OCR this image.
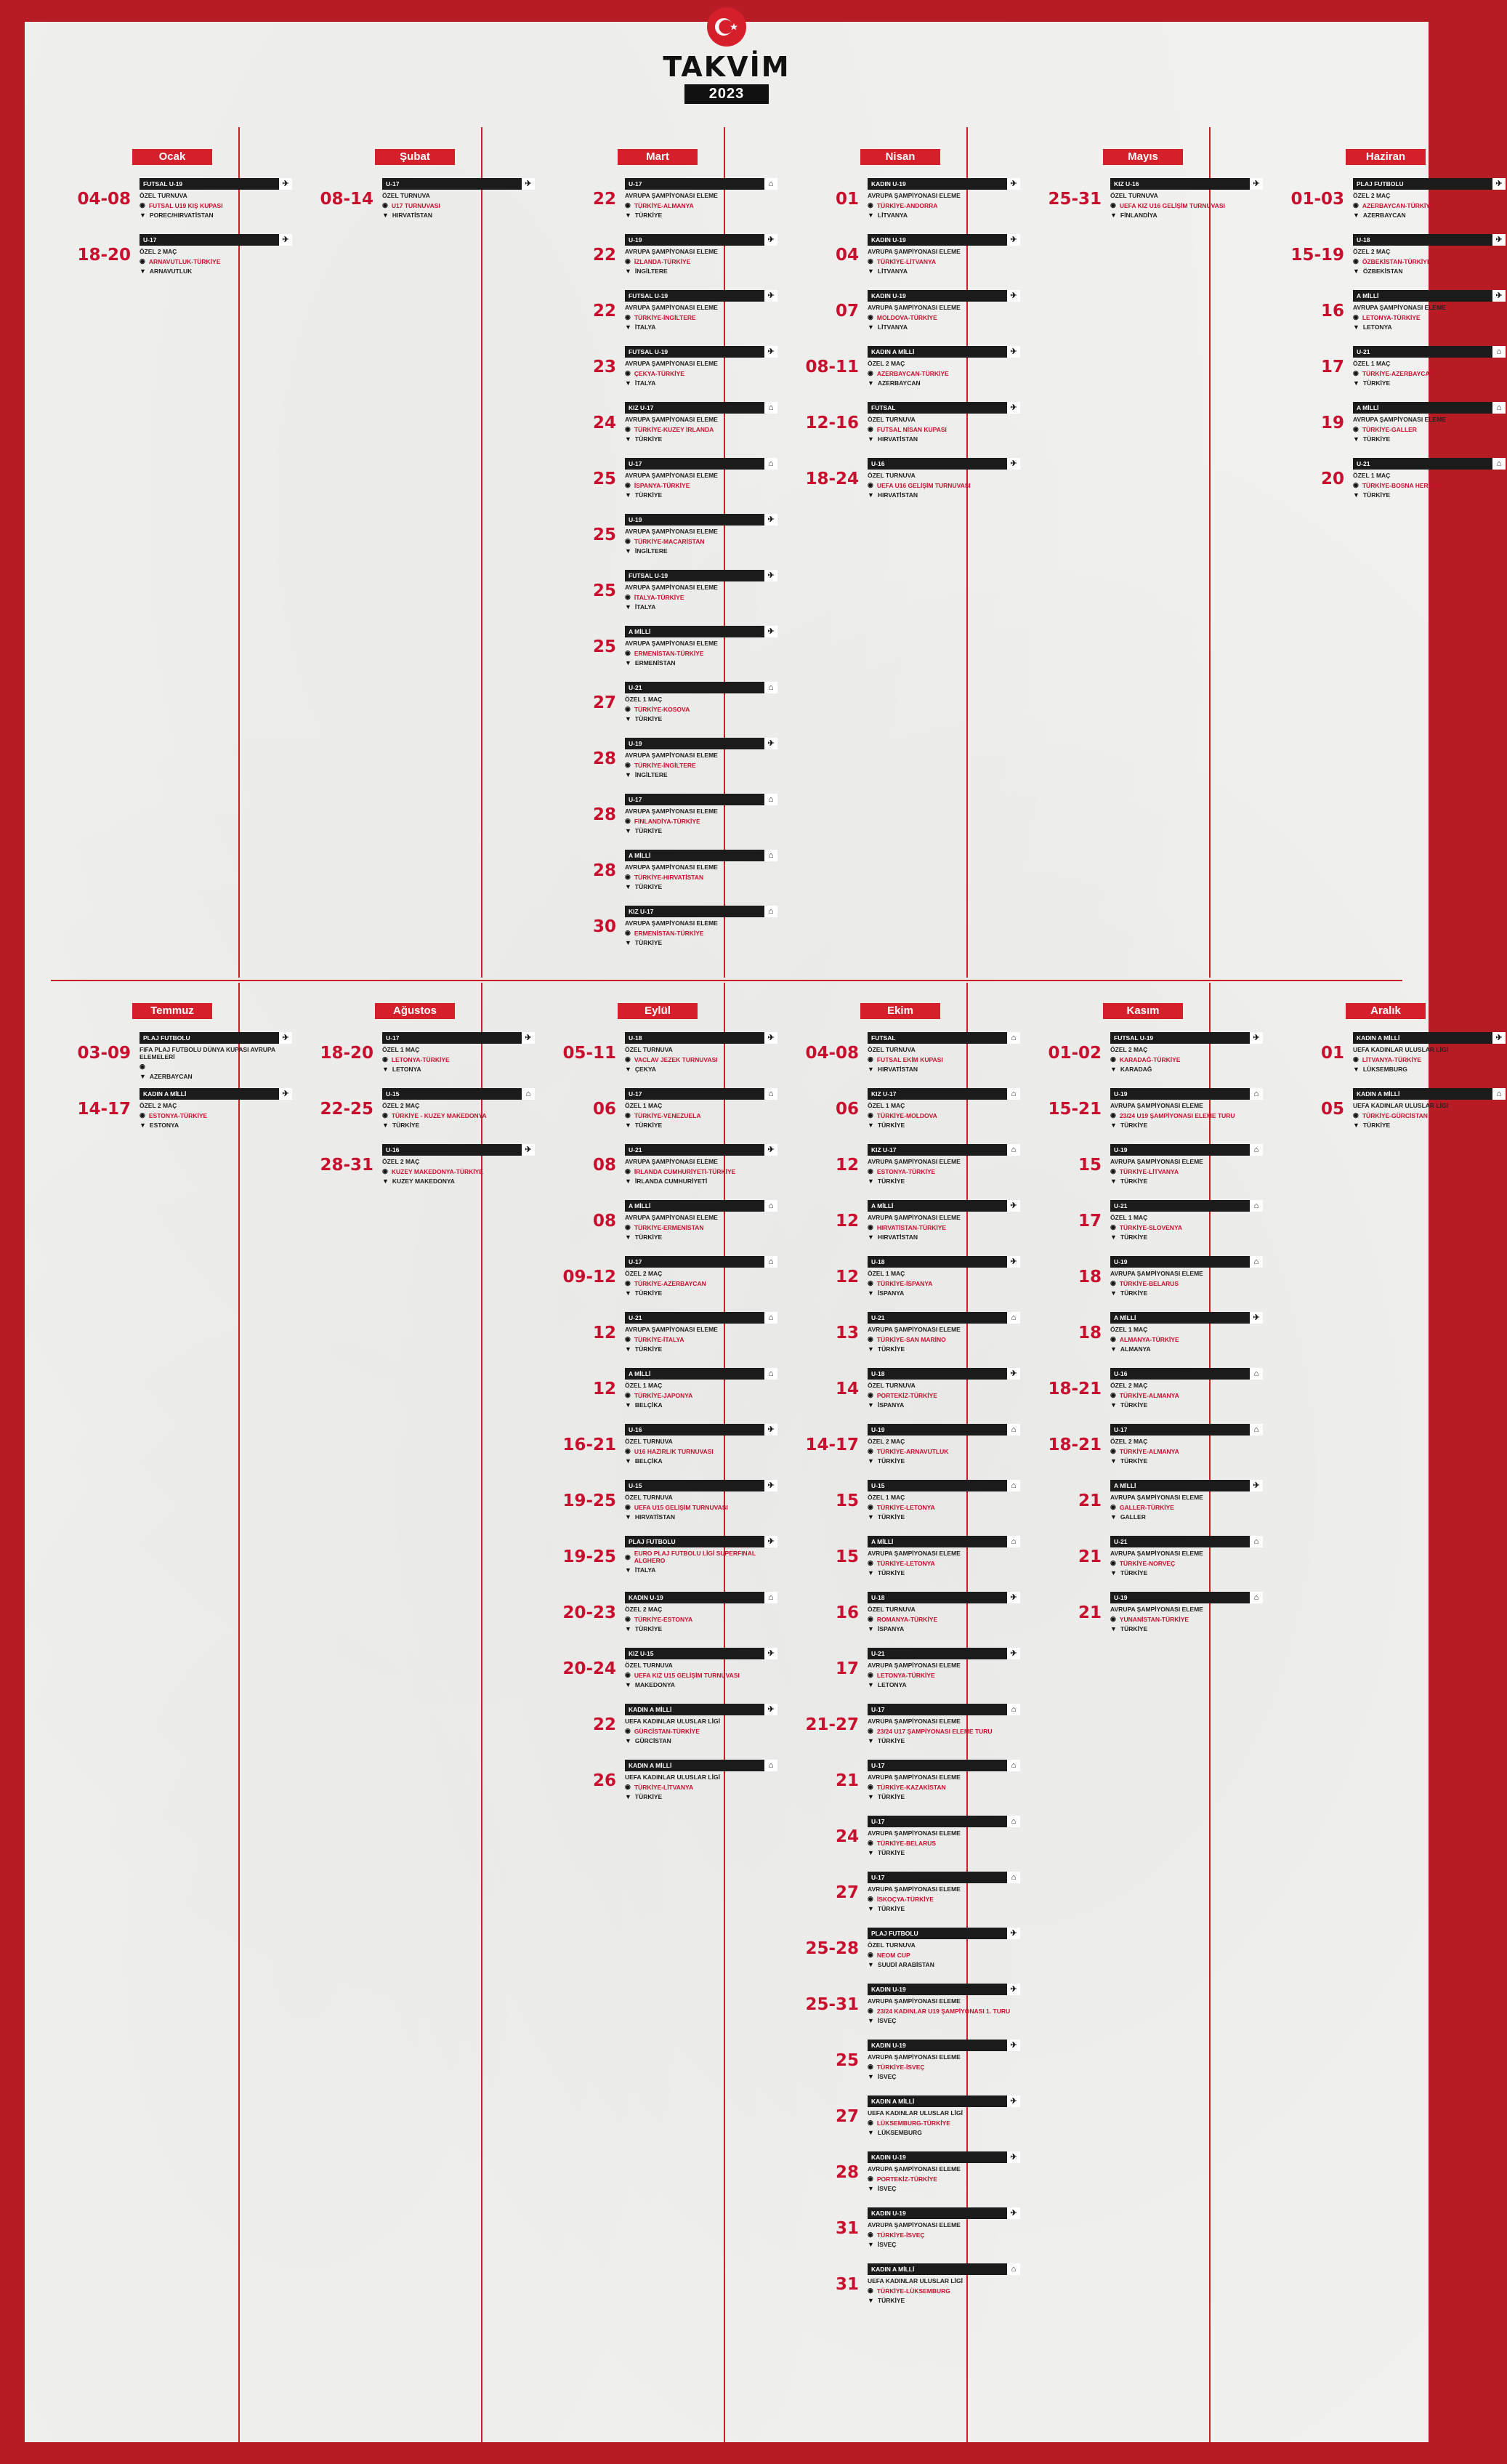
TAKVİM
2023
Ocak
04-08
FUTSAL U-19	✈
ÖZEL TURNUVA
◉ FUTSAL U19 KIŞ KUPASI
▼ POREC/HIRVATİSTAN
18-20
U-17	✈
ÖZEL 2 MAÇ
◉ ARNAVUTLUK-TÜRKİYE
▼ ARNAVUTLUK
Şubat
08-14
U-17	✈
ÖZEL TURNUVA
◉ U17 TURNUVASI
▼ HIRVATİSTAN
Mart
22
U-17	⌂
AVRUPA ŞAMPİYONASI ELEME
◉ TÜRKİYE-ALMANYA
▼ TÜRKİYE
22
U-19	✈
AVRUPA ŞAMPİYONASI ELEME
◉ İZLANDA-TÜRKİYE
▼ İNGİLTERE
22
FUTSAL U-19	✈
AVRUPA ŞAMPİYONASI ELEME
◉ TÜRKİYE-İNGİLTERE
▼ İTALYA
23
FUTSAL U-19	✈
AVRUPA ŞAMPİYONASI ELEME
◉ ÇEKYA-TÜRKİYE
▼ İTALYA
24
KIZ U-17	⌂
AVRUPA ŞAMPİYONASI ELEME
◉ TÜRKİYE-KUZEY İRLANDA
▼ TÜRKİYE
25
U-17	⌂
AVRUPA ŞAMPİYONASI ELEME
◉ İSPANYA-TÜRKİYE
▼ TÜRKİYE
25
U-19	✈
AVRUPA ŞAMPİYONASI ELEME
◉ TÜRKİYE-MACARİSTAN
▼ İNGİLTERE
25
FUTSAL U-19	✈
AVRUPA ŞAMPİYONASI ELEME
◉ İTALYA-TÜRKİYE
▼ İTALYA
25
A MİLLİ	✈
AVRUPA ŞAMPİYONASI ELEME
◉ ERMENİSTAN-TÜRKİYE
▼ ERMENİSTAN
27
U-21	⌂
ÖZEL 1 MAÇ
◉ TÜRKİYE-KOSOVA
▼ TÜRKİYE
28
U-19	✈
AVRUPA ŞAMPİYONASI ELEME
◉ TÜRKİYE-İNGİLTERE
▼ İNGİLTERE
28
U-17	⌂
AVRUPA ŞAMPİYONASI ELEME
◉ FİNLANDİYA-TÜRKİYE
▼ TÜRKİYE
28
A MİLLİ	⌂
AVRUPA ŞAMPİYONASI ELEME
◉ TÜRKİYE-HIRVATİSTAN
▼ TÜRKİYE
30
KIZ U-17	⌂
AVRUPA ŞAMPİYONASI ELEME
◉ ERMENİSTAN-TÜRKİYE
▼ TÜRKİYE
Nisan
01
KADIN U-19	✈
AVRUPA ŞAMPİYONASI ELEME
◉ TÜRKİYE-ANDORRA
▼ LİTVANYA
04
KADIN U-19	✈
AVRUPA ŞAMPİYONASI ELEME
◉ TÜRKİYE-LİTVANYA
▼ LİTVANYA
07
KADIN U-19	✈
AVRUPA ŞAMPİYONASI ELEME
◉ MOLDOVA-TÜRKİYE
▼ LİTVANYA
08-11
KADIN A MİLLİ	✈
ÖZEL 2 MAÇ
◉ AZERBAYCAN-TÜRKİYE
▼ AZERBAYCAN
12-16
FUTSAL	✈
ÖZEL TURNUVA
◉ FUTSAL NİSAN KUPASI
▼ HIRVATİSTAN
18-24
U-16	✈
ÖZEL TURNUVA
◉ UEFA U16 GELİŞİM TURNUVASI
▼ HIRVATİSTAN
Mayıs
25-31
KIZ U-16	✈
ÖZEL TURNUVA
◉ UEFA KIZ U16 GELİŞİM TURNUVASI
▼ FİNLANDİYA
Haziran
01-03
PLAJ FUTBOLU	✈
ÖZEL 2 MAÇ
◉ AZERBAYCAN-TÜRKİYE
▼ AZERBAYCAN
15-19
U-18	✈
ÖZEL 2 MAÇ
◉ ÖZBEKİSTAN-TÜRKİYE
▼ ÖZBEKİSTAN
16
A MİLLİ	✈
AVRUPA ŞAMPİYONASI ELEME
◉ LETONYA-TÜRKİYE
▼ LETONYA
17
U-21	⌂
ÖZEL 1 MAÇ
◉ TÜRKİYE-AZERBAYCAN
▼ TÜRKİYE
19
A MİLLİ	⌂
AVRUPA ŞAMPİYONASI ELEME
◉ TÜRKİYE-GALLER
▼ TÜRKİYE
20
U-21	⌂
ÖZEL 1 MAÇ
◉ TÜRKİYE-BOSNA HERSEK
▼ TÜRKİYE
Temmuz
03-09
PLAJ FUTBOLU	✈
FIFA PLAJ FUTBOLU DÜNYA KUPASI AVRUPA ELEMELERİ
◉
▼ AZERBAYCAN
14-17
KADIN A MİLLİ	✈
ÖZEL 2 MAÇ
◉ ESTONYA-TÜRKİYE
▼ ESTONYA
Ağustos
18-20
U-17	✈
ÖZEL 1 MAÇ
◉ LETONYA-TÜRKİYE
▼ LETONYA
22-25
U-15	⌂
ÖZEL 2 MAÇ
◉ TÜRKİYE - KUZEY MAKEDONYA
▼ TÜRKİYE
28-31
U-16	✈
ÖZEL 2 MAÇ
◉ KUZEY MAKEDONYA-TÜRKİYE
▼ KUZEY MAKEDONYA
Eylül
05-11
U-18	✈
ÖZEL TURNUVA
◉ VACLAV JEZEK TURNUVASI
▼ ÇEKYA
06
U-17	⌂
ÖZEL 1 MAÇ
◉ TÜRKİYE-VENEZUELA
▼ TÜRKİYE
08
U-21	✈
AVRUPA ŞAMPİYONASI ELEME
◉ İRLANDA CUMHURİYETİ-TÜRKİYE
▼ İRLANDA CUMHURİYETİ
08
A MİLLİ	⌂
AVRUPA ŞAMPİYONASI ELEME
◉ TÜRKİYE-ERMENİSTAN
▼ TÜRKİYE
09-12
U-17	⌂
ÖZEL 2 MAÇ
◉ TÜRKİYE-AZERBAYCAN
▼ TÜRKİYE
12
U-21	⌂
AVRUPA ŞAMPİYONASI ELEME
◉ TÜRKİYE-İTALYA
▼ TÜRKİYE
12
A MİLLİ	⌂
ÖZEL 1 MAÇ
◉ TÜRKİYE-JAPONYA
▼ BELÇİKA
16-21
U-16	✈
ÖZEL TURNUVA
◉ U16 HAZIRLIK TURNUVASI
▼ BELÇİKA
19-25
U-15	✈
ÖZEL TURNUVA
◉ UEFA U15 GELİŞİM TURNUVASI
▼ HIRVATİSTAN
19-25
PLAJ FUTBOLU	✈
◉ EURO PLAJ FUTBOLU LİGİ SUPERFINAL ALGHERO
▼ İTALYA
20-23
KADIN U-19	⌂
ÖZEL 2 MAÇ
◉ TÜRKİYE-ESTONYA
▼ TÜRKİYE
20-24
KIZ U-15	✈
ÖZEL TURNUVA
◉ UEFA KIZ U15 GELİŞİM TURNUVASI
▼ MAKEDONYA
22
KADIN A MİLLİ	✈
UEFA KADINLAR ULUSLAR LİGİ
◉ GÜRCİSTAN-TÜRKİYE
▼ GÜRCİSTAN
26
KADIN A MİLLİ	⌂
UEFA KADINLAR ULUSLAR LİGİ
◉ TÜRKİYE-LİTVANYA
▼ TÜRKİYE
Ekim
04-08
FUTSAL	⌂
ÖZEL TURNUVA
◉ FUTSAL EKİM KUPASI
▼ HIRVATİSTAN
06
KIZ U-17	⌂
ÖZEL 1 MAÇ
◉ TÜRKİYE-MOLDOVA
▼ TÜRKİYE
12
KIZ U-17	⌂
AVRUPA ŞAMPİYONASI ELEME
◉ ESTONYA-TÜRKİYE
▼ TÜRKİYE
12
A MİLLİ	✈
AVRUPA ŞAMPİYONASI ELEME
◉ HIRVATİSTAN-TÜRKİYE
▼ HIRVATİSTAN
12
U-18	✈
ÖZEL 1 MAÇ
◉ TÜRKİYE-İSPANYA
▼ İSPANYA
13
U-21	⌂
AVRUPA ŞAMPİYONASI ELEME
◉ TÜRKİYE-SAN MARİNO
▼ TÜRKİYE
14
U-18	✈
ÖZEL TURNUVA
◉ PORTEKİZ-TÜRKİYE
▼ İSPANYA
14-17
U-19	⌂
ÖZEL 2 MAÇ
◉ TÜRKİYE-ARNAVUTLUK
▼ TÜRKİYE
15
U-15	⌂
ÖZEL 1 MAÇ
◉ TÜRKİYE-LETONYA
▼ TÜRKİYE
15
A MİLLİ	⌂
AVRUPA ŞAMPİYONASI ELEME
◉ TÜRKİYE-LETONYA
▼ TÜRKİYE
16
U-18	✈
ÖZEL TURNUVA
◉ ROMANYA-TÜRKİYE
▼ İSPANYA
17
U-21	✈
AVRUPA ŞAMPİYONASI ELEME
◉ LETONYA-TÜRKİYE
▼ LETONYA
21-27
U-17	⌂
AVRUPA ŞAMPİYONASI ELEME
◉ 23/24 U17 ŞAMPİYONASI ELEME TURU
▼ TÜRKİYE
21
U-17	⌂
AVRUPA ŞAMPİYONASI ELEME
◉ TÜRKİYE-KAZAKİSTAN
▼ TÜRKİYE
24
U-17	⌂
AVRUPA ŞAMPİYONASI ELEME
◉ TÜRKİYE-BELARUS
▼ TÜRKİYE
27
U-17	⌂
AVRUPA ŞAMPİYONASI ELEME
◉ İSKOÇYA-TÜRKİYE
▼ TÜRKİYE
25-28
PLAJ FUTBOLU	✈
ÖZEL TURNUVA
◉ NEOM CUP
▼ SUUDİ ARABİSTAN
25-31
KADIN U-19	✈
AVRUPA ŞAMPİYONASI ELEME
◉ 23/24 KADINLAR U19 ŞAMPİYONASI 1. TURU
▼ İSVEÇ
25
KADIN U-19	✈
AVRUPA ŞAMPİYONASI ELEME
◉ TÜRKİYE-İSVEÇ
▼ İSVEÇ
27
KADIN A MİLLİ	✈
UEFA KADINLAR ULUSLAR LİGİ
◉ LÜKSEMBURG-TÜRKİYE
▼ LÜKSEMBURG
28
KADIN U-19	✈
AVRUPA ŞAMPİYONASI ELEME
◉ PORTEKİZ-TÜRKİYE
▼ İSVEÇ
31
KADIN U-19	✈
AVRUPA ŞAMPİYONASI ELEME
◉ TÜRKİYE-İSVEÇ
▼ İSVEÇ
31
KADIN A MİLLİ	⌂
UEFA KADINLAR ULUSLAR LİGİ
◉ TÜRKİYE-LÜKSEMBURG
▼ TÜRKİYE
Kasım
01-02
FUTSAL U-19	✈
ÖZEL 2 MAÇ
◉ KARADAĞ-TÜRKİYE
▼ KARADAĞ
15-21
U-19	⌂
AVRUPA ŞAMPİYONASI ELEME
◉ 23/24 U19 ŞAMPİYONASI ELEME TURU
▼ TÜRKİYE
15
U-19	⌂
AVRUPA ŞAMPİYONASI ELEME
◉ TÜRKİYE-LİTVANYA
▼ TÜRKİYE
17
U-21	⌂
ÖZEL 1 MAÇ
◉ TÜRKİYE-SLOVENYA
▼ TÜRKİYE
18
U-19	⌂
AVRUPA ŞAMPİYONASI ELEME
◉ TÜRKİYE-BELARUS
▼ TÜRKİYE
18
A MİLLİ	✈
ÖZEL 1 MAÇ
◉ ALMANYA-TÜRKİYE
▼ ALMANYA
18-21
U-16	⌂
ÖZEL 2 MAÇ
◉ TÜRKİYE-ALMANYA
▼ TÜRKİYE
18-21
U-17	⌂
ÖZEL 2 MAÇ
◉ TÜRKİYE-ALMANYA
▼ TÜRKİYE
21
A MİLLİ	✈
AVRUPA ŞAMPİYONASI ELEME
◉ GALLER-TÜRKİYE
▼ GALLER
21
U-21	⌂
AVRUPA ŞAMPİYONASI ELEME
◉ TÜRKİYE-NORVEÇ
▼ TÜRKİYE
21
U-19	⌂
AVRUPA ŞAMPİYONASI ELEME
◉ YUNANİSTAN-TÜRKİYE
▼ TÜRKİYE
Aralık
01
KADIN A MİLLİ	✈
UEFA KADINLAR ULUSLAR LİGİ
◉ LİTVANYA-TÜRKİYE
▼ LÜKSEMBURG
05
KADIN A MİLLİ	⌂
UEFA KADINLAR ULUSLAR LİGİ
◉ TÜRKİYE-GÜRCİSTAN
▼ TÜRKİYE
